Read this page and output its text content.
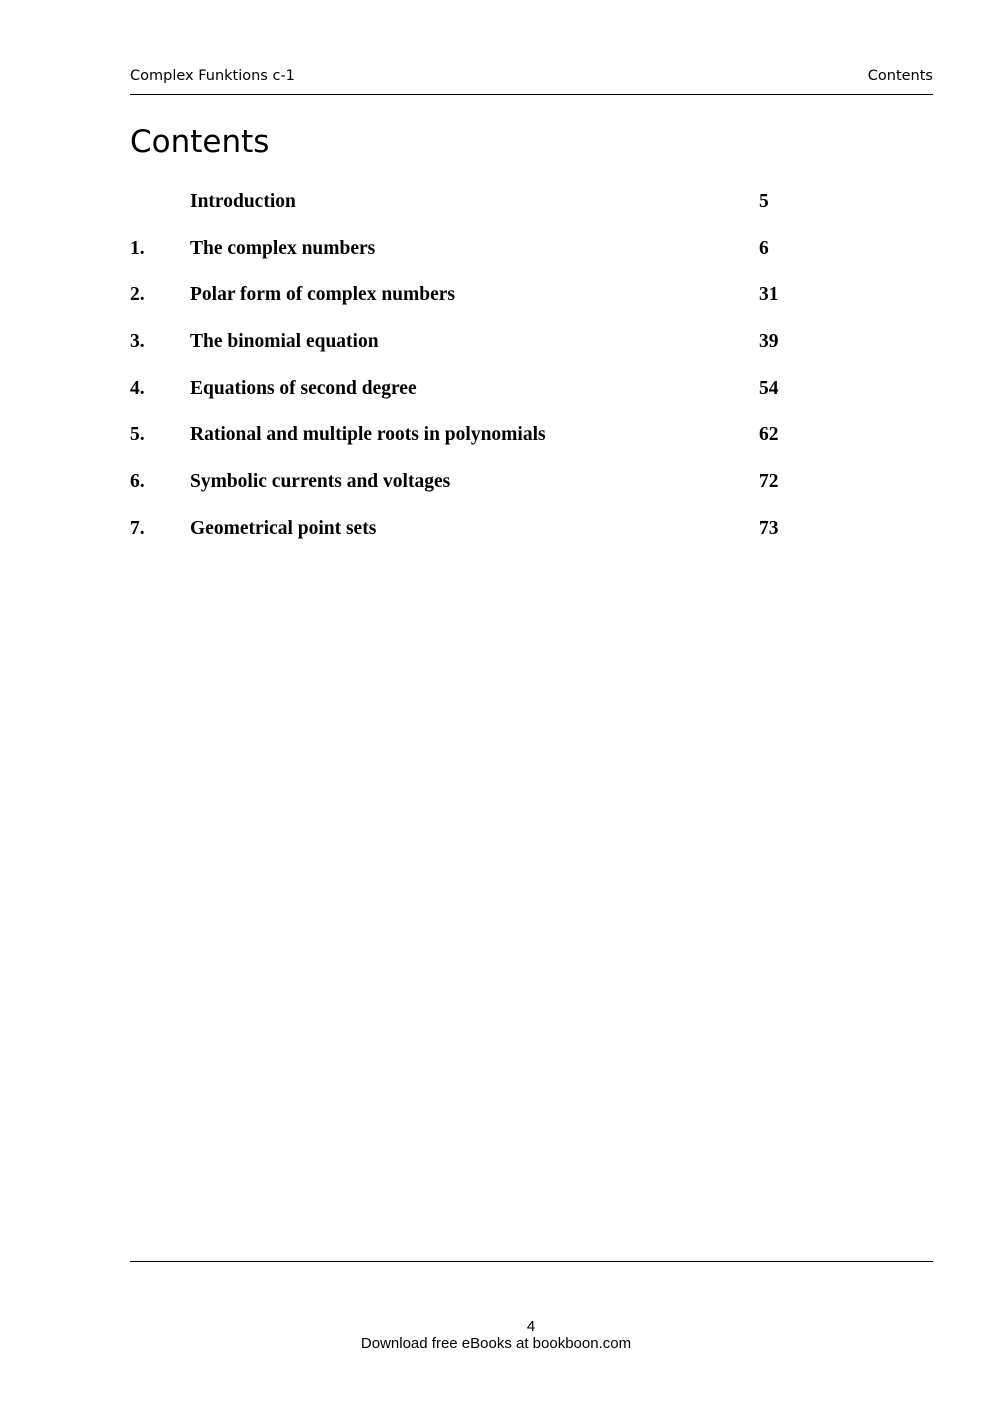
Complex Funktions c-1	Contents
Contents
Introduction	5
1. The complex numbers	6
2. Polar form of complex numbers	31
3. The binomial equation	39
4. Equations of second degree	54
5. Rational and multiple roots in polynomials	62
6. Symbolic currents and voltages	72
7. Geometrical point sets	73
4
Download free eBooks at bookboon.com
